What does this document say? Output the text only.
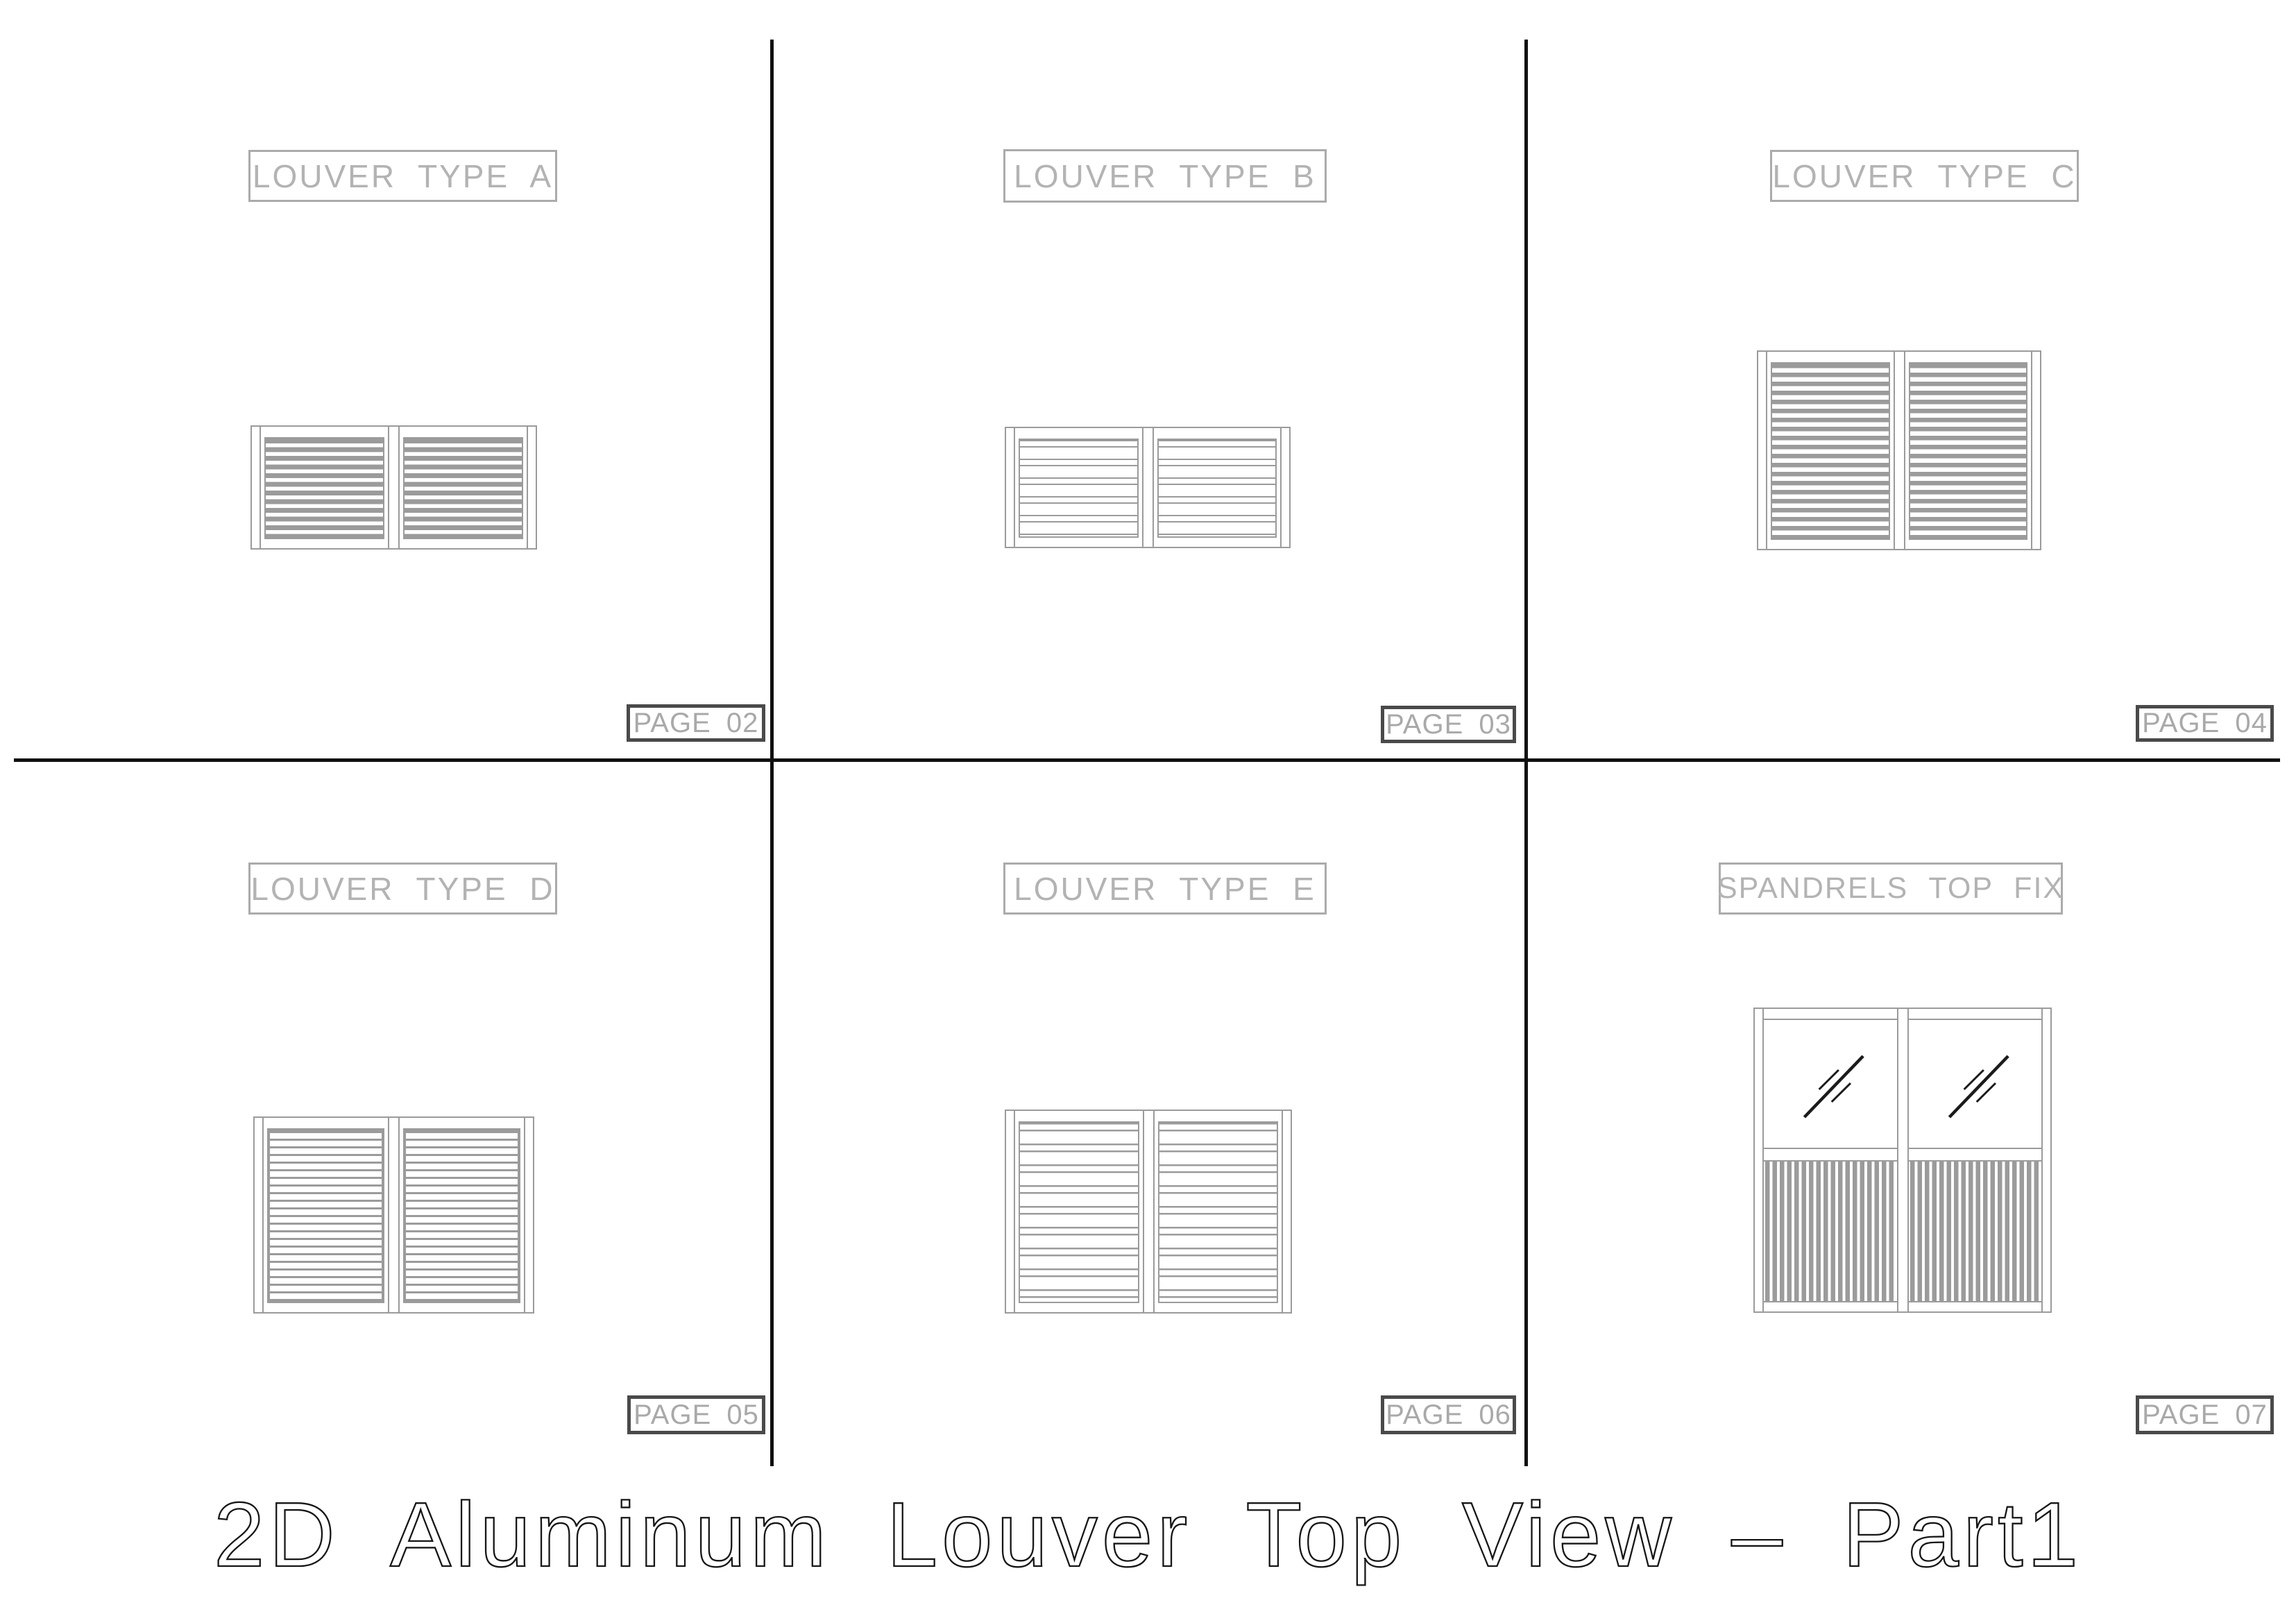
LOUVER TYPE A
PAGE 02
LOUVER TYPE B
PAGE 03
LOUVER TYPE C
PAGE 04
LOUVER TYPE D
PAGE 05
LOUVER TYPE E
PAGE 06
SPANDRELS TOP FIX
PAGE 07
2D Aluminum Louver Top View – Part1
